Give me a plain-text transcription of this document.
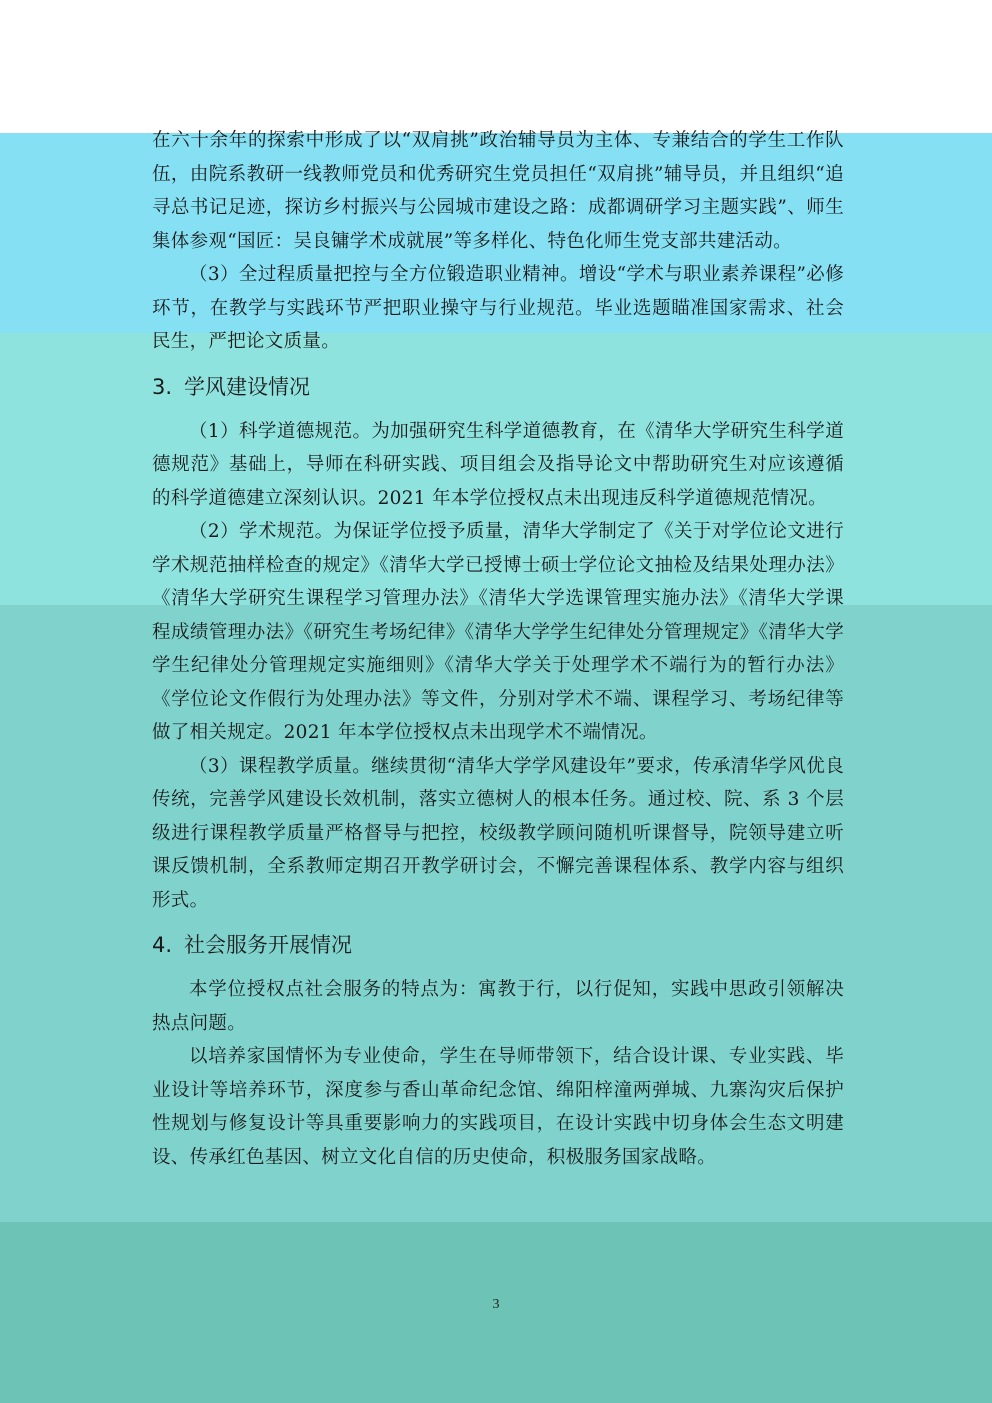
在六十余年的探索中形成了以“双肩挑”政治辅导员为主体、专兼结合的学生工作队伍，由院系教研一线教师党员和优秀研究生党员担任“双肩挑”辅导员，并且组织“追寻总书记足迹，探访乡村振兴与公园城市建设之路：成都调研学习主题实践”、师生集体参观“国匠：吴良镛学术成就展”等多样化、特色化师生党支部共建活动。

（3）全过程质量把控与全方位锻造职业精神。增设“学术与职业素养课程”必修环节，在教学与实践环节严把职业操守与行业规范。毕业选题瞄准国家需求、社会民生，严把论文质量。

3. 学风建设情况

（1）科学道德规范。为加强研究生科学道德教育，在《清华大学研究生科学道德规范》基础上，导师在科研实践、项目组会及指导论文中帮助研究生对应该遵循的科学道德建立深刻认识。2021 年本学位授权点未出现违反科学道德规范情况。

（2）学术规范。为保证学位授予质量，清华大学制定了《关于对学位论文进行学术规范抽样检查的规定》《清华大学已授博士硕士学位论文抽检及结果处理办法》《清华大学研究生课程学习管理办法》《清华大学选课管理实施办法》《清华大学课程成绩管理办法》《研究生考场纪律》《清华大学学生纪律处分管理规定》《清华大学学生纪律处分管理规定实施细则》《清华大学关于处理学术不端行为的暂行办法》《学位论文作假行为处理办法》等文件，分别对学术不端、课程学习、考场纪律等做了相关规定。2021 年本学位授权点未出现学术不端情况。

（3）课程教学质量。继续贯彻“清华大学学风建设年”要求，传承清华学风优良传统，完善学风建设长效机制，落实立德树人的根本任务。通过校、院、系 3 个层级进行课程教学质量严格督导与把控，校级教学顾问随机听课督导，院领导建立听课反馈机制，全系教师定期召开教学研讨会，不懈完善课程体系、教学内容与组织形式。

4. 社会服务开展情况

本学位授权点社会服务的特点为：寓教于行，以行促知，实践中思政引领解决热点问题。

以培养家国情怀为专业使命，学生在导师带领下，结合设计课、专业实践、毕业设计等培养环节，深度参与香山革命纪念馆、绵阳梓潼两弹城、九寨沟灾后保护性规划与修复设计等具重要影响力的实践项目，在设计实践中切身体会生态文明建设、传承红色基因、树立文化自信的历史使命，积极服务国家战略。

3
